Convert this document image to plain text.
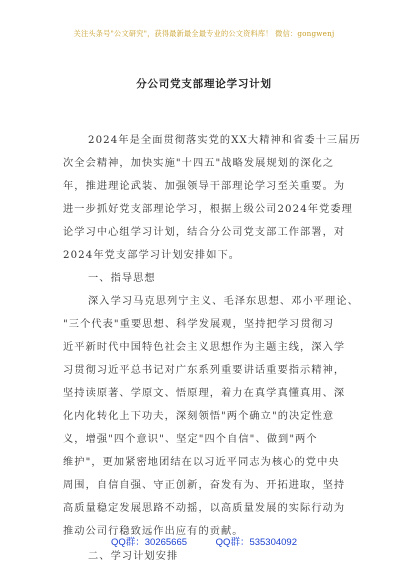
关注头条号"公文研究"，获得最新最全最专业的公文资料库！ 微信：gongwenj
分公司党支部理论学习计划
2024年是全面贯彻落实党的XX大精神和省委十三届历
次全会精神，加快实施"十四五"战略发展规划的深化之
年，推进理论武装、加强领导干部理论学习至关重要。为
进一步抓好党支部理论学习，根据上级公司2024年党委理
论学习中心组学习计划，结合分公司党支部工作部署，对
2024年党支部学习计划安排如下。
一、指导思想
深入学习马克思列宁主义、毛泽东思想、邓小平理论、
"三个代表"重要思想、科学发展观，坚持把学习贯彻习
近平新时代中国特色社会主义思想作为主题主线，深入学
习贯彻习近平总书记对广东系列重要讲话重要指示精神，
坚持读原著、学原文、悟原理，着力在真学真懂真用、深
化内化转化上下功夫，深刻领悟"两个确立"的决定性意
义，增强"四个意识"、坚定"四个自信"、做到"两个
维护"，更加紧密地团结在以习近平同志为核心的党中央
周围，自信自强、守正创新，奋发有为、开拓进取，坚持
高质量稳定发展思路不动摇，以高质量发展的实际行动为
推动公司行稳致远作出应有的贡献。
二、学习计划安排
QQ群：30265665	QQ群：535304092
